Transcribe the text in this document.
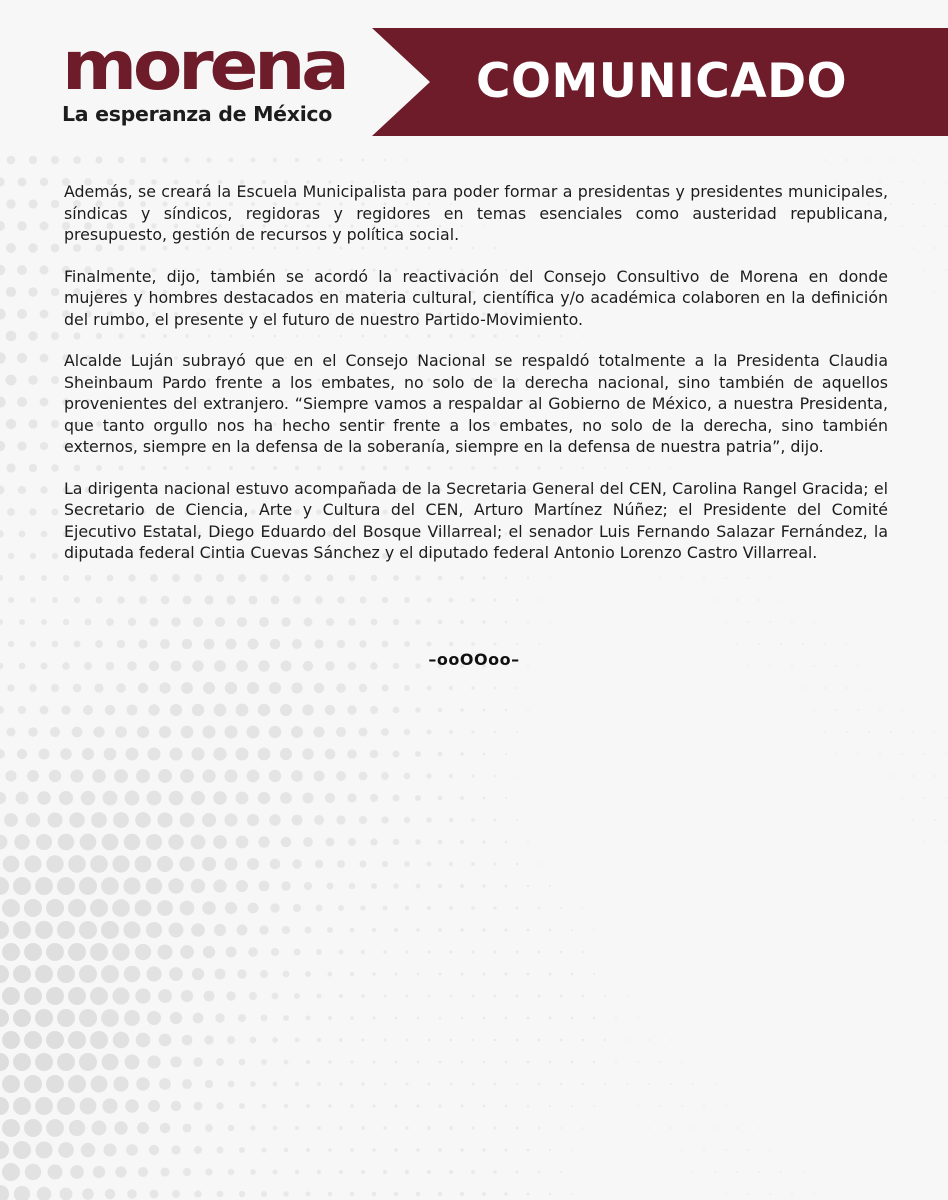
morena
La esperanza de México
COMUNICADO

Además, se creará la Escuela Municipalista para poder formar a presidentas y presidentes municipales, síndicas y síndicos, regidoras y regidores en temas esenciales como austeridad republicana, presupuesto, gestión de recursos y política social.

Finalmente, dijo, también se acordó la reactivación del Consejo Consultivo de Morena en donde mujeres y hombres destacados en materia cultural, científica y/o académica colaboren en la definición del rumbo, el presente y el futuro de nuestro Partido-Movimiento.

Alcalde Luján subrayó que en el Consejo Nacional se respaldó totalmente a la Presidenta Claudia Sheinbaum Pardo frente a los embates, no solo de la derecha nacional, sino también de aquellos provenientes del extranjero. “Siempre vamos a respaldar al Gobierno de México, a nuestra Presidenta, que tanto orgullo nos ha hecho sentir frente a los embates, no solo de la derecha, sino también externos, siempre en la defensa de la soberanía, siempre en la defensa de nuestra patria”, dijo.

La dirigenta nacional estuvo acompañada de la Secretaria General del CEN, Carolina Rangel Gracida; el Secretario de Ciencia, Arte y Cultura del CEN, Arturo Martínez Núñez; el Presidente del Comité Ejecutivo Estatal, Diego Eduardo del Bosque Villarreal; el senador Luis Fernando Salazar Fernández, la diputada federal Cintia Cuevas Sánchez y el diputado federal Antonio Lorenzo Castro Villarreal.

–ooOOoo–
